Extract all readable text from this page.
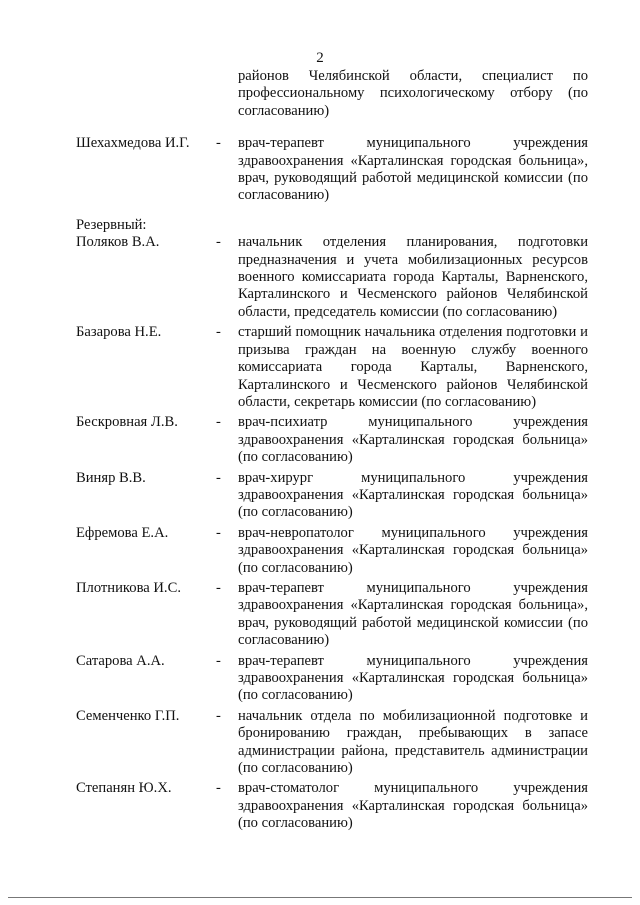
2
районов Челябинской области, специалист по профессиональному психологическому отбору (по согласованию)
Шехахмедова И.Г.	-	врач-терапевт муниципального учреждения здравоохранения «Карталинская городская больница», врач, руководящий работой медицинской комиссии (по согласованию)
Резервный:
Поляков В.А.	-	начальник отделения планирования, подготовки предназначения и учета мобилизационных ресурсов военного комиссариата города Карталы, Варненского, Карталинского и Чесменского районов Челябинской области, председатель комиссии (по согласованию)
Базарова Н.Е.	-	старший помощник начальника отделения подготовки и призыва граждан на военную службу военного комиссариата города Карталы, Варненского, Карталинского и Чесменского районов Челябинской области, секретарь комиссии (по согласованию)
Бескровная Л.В.	-	врач-психиатр муниципального учреждения здравоохранения «Карталинская городская больница» (по согласованию)
Виняр В.В.	-	врач-хирург муниципального учреждения здравоохранения «Карталинская городская больница» (по согласованию)
Ефремова Е.А.	-	врач-невропатолог муниципального учреждения здравоохранения «Карталинская городская больница» (по согласованию)
Плотникова И.С.	-	врач-терапевт муниципального учреждения здравоохранения «Карталинская городская больница», врач, руководящий работой медицинской комиссии (по согласованию)
Сатарова А.А.	-	врач-терапевт муниципального учреждения здравоохранения «Карталинская городская больница» (по согласованию)
Семенченко Г.П.	-	начальник отдела по мобилизационной подготовке и бронированию граждан, пребывающих в запасе администрации района, представитель администрации (по согласованию)
Степанян Ю.Х.	-	врач-стоматолог муниципального учреждения здравоохранения «Карталинская городская больница» (по согласованию)
